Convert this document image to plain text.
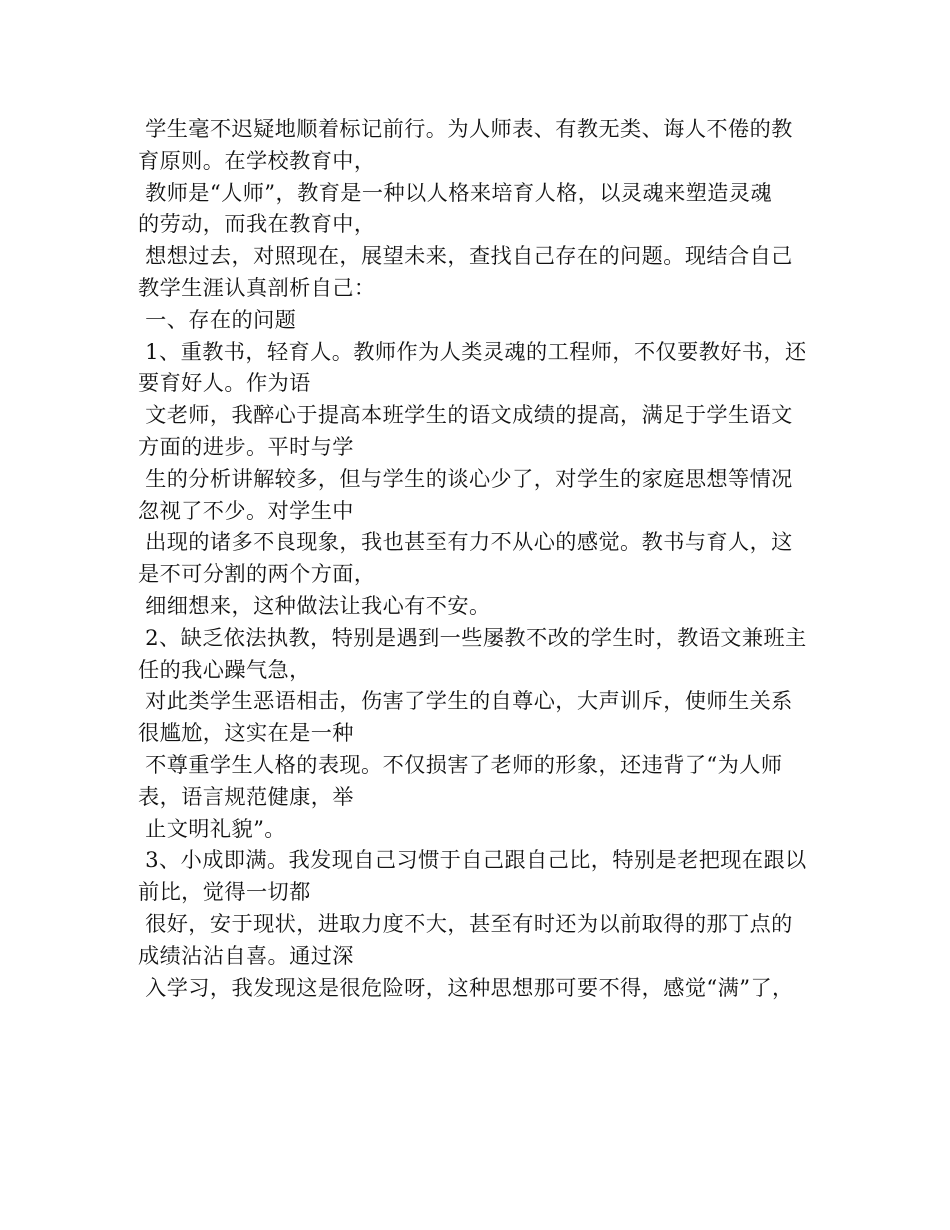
学生毫不迟疑地顺着标记前行。为人师表、有教无类、诲人不倦的教

育原则。在学校教育中，

教师是“人师”，教育是一种以人格来培育人格，以灵魂来塑造灵魂

的劳动，而我在教育中，

想想过去，对照现在，展望未来，查找自己存在的问题。现结合自己

教学生涯认真剖析自己：

一、存在的问题

1、重教书，轻育人。教师作为人类灵魂的工程师，不仅要教好书，还

要育好人。作为语

文老师，我醉心于提高本班学生的语文成绩的提高，满足于学生语文

方面的进步。平时与学

生的分析讲解较多，但与学生的谈心少了，对学生的家庭思想等情况

忽视了不少。对学生中

出现的诸多不良现象，我也甚至有力不从心的感觉。教书与育人，这

是不可分割的两个方面，

细细想来，这种做法让我心有不安。

2、缺乏依法执教，特别是遇到一些屡教不改的学生时，教语文兼班主

任的我心躁气急，

对此类学生恶语相击，伤害了学生的自尊心，大声训斥，使师生关系

很尴尬，这实在是一种

不尊重学生人格的表现。不仅损害了老师的形象，还违背了“为人师

表，语言规范健康，举

止文明礼貌”。

3、小成即满。我发现自己习惯于自己跟自己比，特别是老把现在跟以

前比，觉得一切都

很好，安于现状，进取力度不大，甚至有时还为以前取得的那丁点的

成绩沾沾自喜。通过深

入学习，我发现这是很危险呀，这种思想那可要不得，感觉“满”了，
